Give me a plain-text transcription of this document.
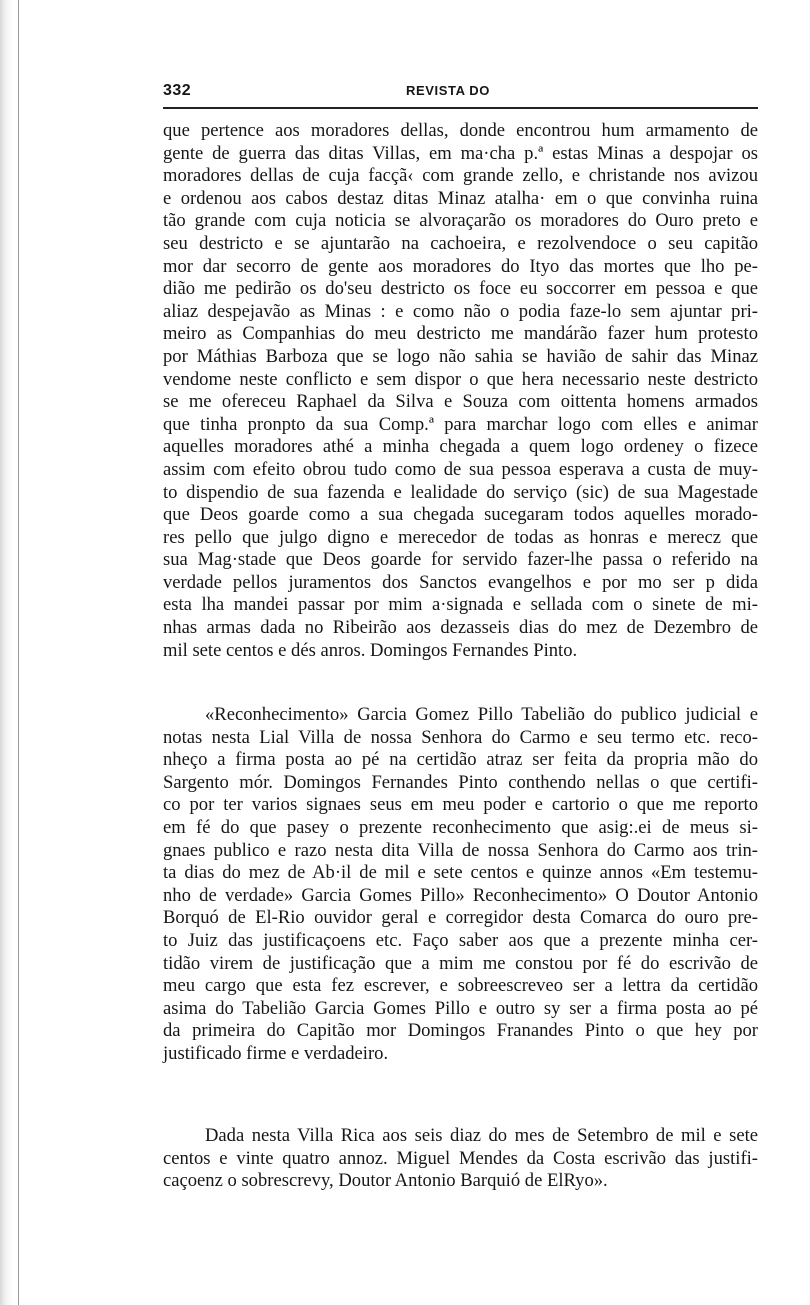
332	REVISTA DO
que pertence aos moradores dellas, donde encontrou hum armamento de
gente de guerra das ditas Villas, em ma·cha p.ª estas Minas a despojar os
moradores dellas de cuja facçã‹ com grande zello, e christande nos avizou
e ordenou aos cabos destaz ditas Minaz atalha· em o que convinha ruina
tão grande com cuja noticia se alvoraçarão os moradores do Ouro preto e
seu destricto e se ajuntarão na cachoeira, e rezolvendoce o seu capitão
mor dar secorro de gente aos moradores do Ityo das mortes que lho pe-
dião me pedirão os do'seu destricto os foce eu soccorrer em pessoa e que
aliaz despejavão as Minas : e como não o podia faze-lo sem ajuntar pri-
meiro as Companhias do meu destricto me mandárão fazer hum protesto
por Máthias Barboza que se logo não sahia se havião de sahir das Minaz
vendome neste conflicto e sem dispor o que hera necessario neste destricto
se me ofereceu Raphael da Silva e Souza com oittenta homens armados
que tinha pronpto da sua Comp.ª para marchar logo com elles e animar
aquelles moradores athé a minha chegada a quem logo ordeney o fizece
assim com efeito obrou tudo como de sua pessoa esperava a custa de muy-
to dispendio de sua fazenda e lealidade do serviço (sic) de sua Magestade
que Deos goarde como a sua chegada sucegaram todos aquelles morado-
res pello que julgo digno e merecedor de todas as honras e merecz que
sua Mag·stade que Deos goarde for servido fazer-lhe passa o referido na
verdade pellos juramentos dos Sanctos evangelhos e por mo ser p dida
esta lha mandei passar por mim a·signada e sellada com o sinete de mi-
nhas armas dada no Ribeirão aos dezasseis dias do mez de Dezembro de
mil sete centos e dés anros. Domingos Fernandes Pinto.
«Reconhecimento» Garcia Gomez Pillo Tabelião do publico judicial e
notas nesta Lial Villa de nossa Senhora do Carmo e seu termo etc. reco-
nheço a firma posta ao pé na certidão atraz ser feita da propria mão do
Sargento mór. Domingos Fernandes Pinto conthendo nellas o que certifi-
co por ter varios signaes seus em meu poder e cartorio o que me reporto
em fé do que pasey o prezente reconhecimento que asig:.ei de meus si-
gnaes publico e razo nesta dita Villa de nossa Senhora do Carmo aos trin-
ta dias do mez de Ab·il de mil e sete centos e quinze annos «Em testemu-
nho de verdade» Garcia Gomes Pillo» Reconhecimento» O Doutor Antonio
Borquó de El-Rio ouvidor geral e corregidor desta Comarca do ouro pre-
to Juiz das justificaçoens etc. Faço saber aos que a prezente minha cer-
tidão virem de justificação que a mim me constou por fé do escrivão de
meu cargo que esta fez escrever, e sobreescreveo ser a lettra da certidão
asima do Tabelião Garcia Gomes Pillo e outro sy ser a firma posta ao pé
da primeira do Capitão mor Domingos Franandes Pinto o que hey por
justificado firme e verdadeiro.
Dada nesta Villa Rica aos seis diaz do mes de Setembro de mil e sete
centos e vinte quatro annoz. Miguel Mendes da Costa escrivão das justifi-
caçoenz o sobrescrevy, Doutor Antonio Barquió de ElRyo».
